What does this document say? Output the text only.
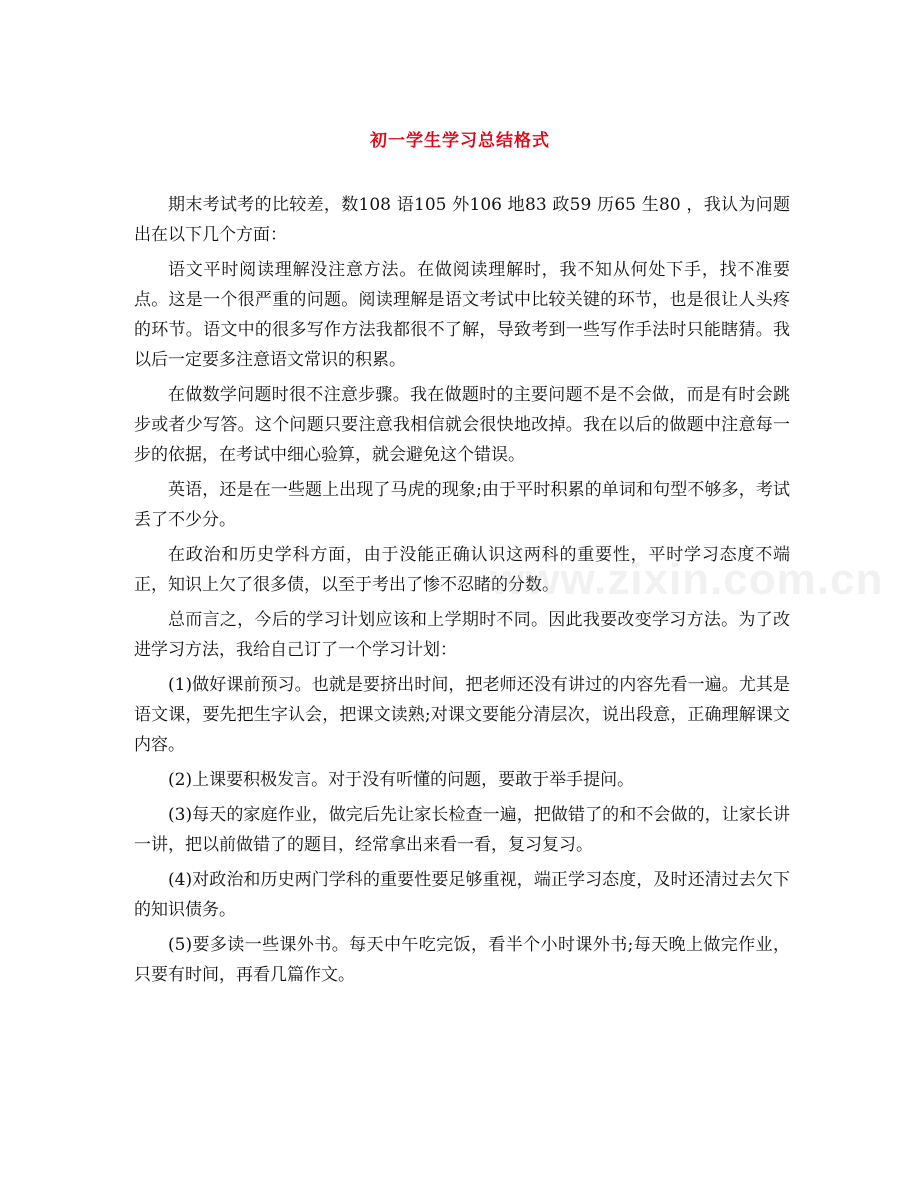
初一学生学习总结格式

期末考试考的比较差，数108 语105 外106 地83 政59 历65 生80 ，我认为问题出在以下几个方面：

语文平时阅读理解没注意方法。在做阅读理解时，我不知从何处下手，找不准要点。这是一个很严重的问题。阅读理解是语文考试中比较关键的环节，也是很让人头疼的环节。语文中的很多写作方法我都很不了解，导致考到一些写作手法时只能瞎猜。我以后一定要多注意语文常识的积累。

在做数学问题时很不注意步骤。我在做题时的主要问题不是不会做，而是有时会跳步或者少写答。这个问题只要注意我相信就会很快地改掉。我在以后的做题中注意每一步的依据，在考试中细心验算，就会避免这个错误。

英语，还是在一些题上出现了马虎的现象;由于平时积累的单词和句型不够多，考试丢了不少分。

在政治和历史学科方面，由于没能正确认识这两科的重要性，平时学习态度不端正，知识上欠了很多债，以至于考出了惨不忍睹的分数。

总而言之，今后的学习计划应该和上学期时不同。因此我要改变学习方法。为了改进学习方法，我给自己订了一个学习计划：

(1)做好课前预习。也就是要挤出时间，把老师还没有讲过的内容先看一遍。尤其是语文课，要先把生字认会，把课文读熟;对课文要能分清层次，说出段意，正确理解课文内容。

(2)上课要积极发言。对于没有听懂的问题，要敢于举手提问。

(3)每天的家庭作业，做完后先让家长检查一遍，把做错了的和不会做的，让家长讲一讲，把以前做错了的题目，经常拿出来看一看，复习复习。

(4)对政治和历史两门学科的重要性要足够重视，端正学习态度，及时还清过去欠下的知识债务。

(5)要多读一些课外书。每天中午吃完饭，看半个小时课外书;每天晚上做完作业，只要有时间，再看几篇作文。

www.zixin.com.cn
